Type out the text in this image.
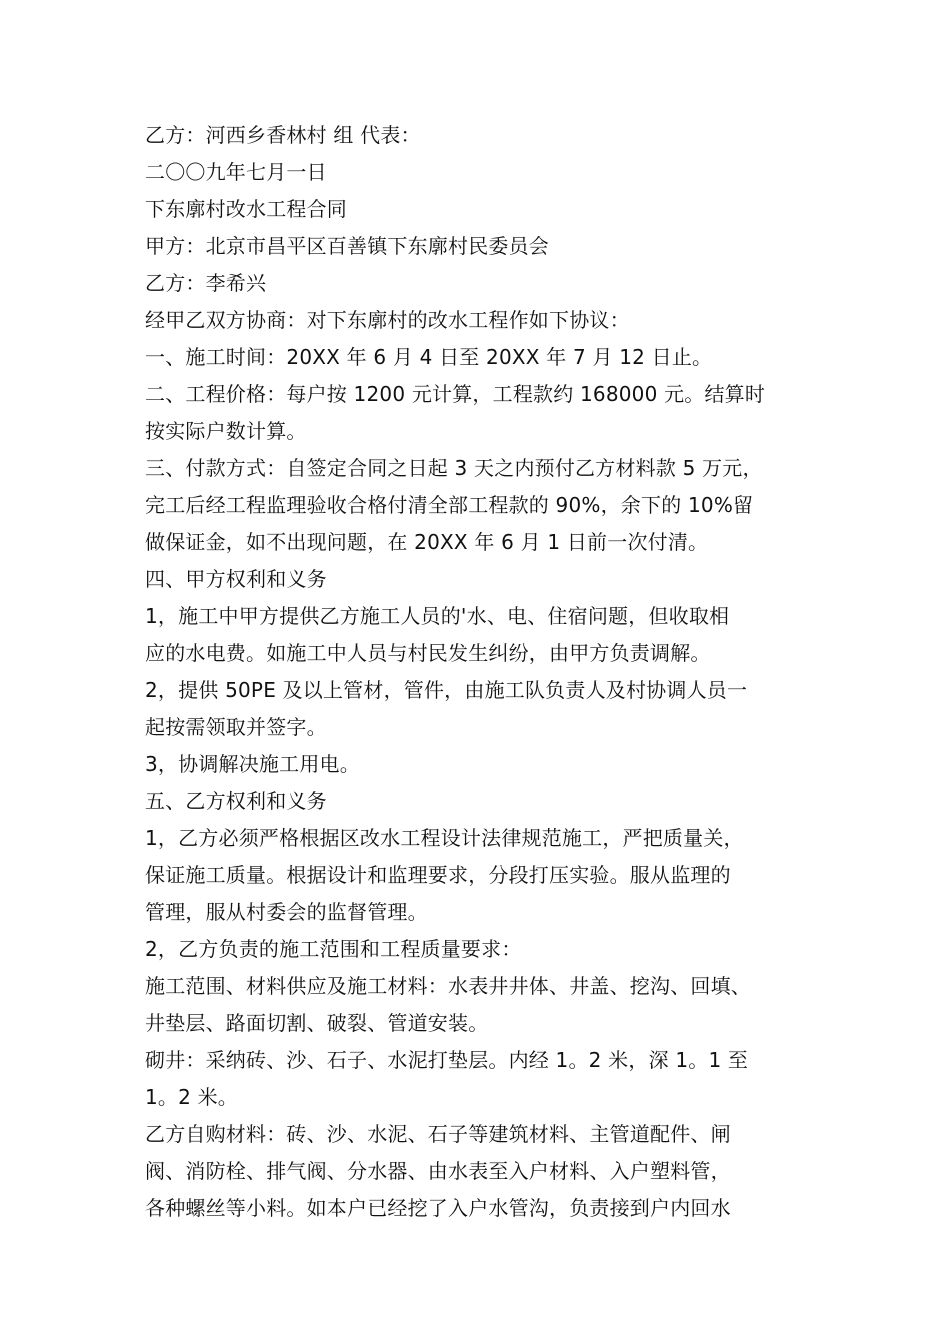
乙方：河西乡香林村 组 代表：
二〇〇九年七月一日
下东廓村改水工程合同
甲方：北京市昌平区百善镇下东廓村民委员会
乙方：李希兴
经甲乙双方协商：对下东廓村的改水工程作如下协议：
一、施工时间：20XX 年 6 月 4 日至 20XX 年 7 月 12 日止。
二、工程价格：每户按 1200 元计算，工程款约 168000 元。结算时
按实际户数计算。
三、付款方式：自签定合同之日起 3 天之内预付乙方材料款 5 万元，
完工后经工程监理验收合格付清全部工程款的 90%，余下的 10%留
做保证金，如不出现问题，在 20XX 年 6 月 1 日前一次付清。
四、甲方权利和义务
1，施工中甲方提供乙方施工人员的'水、电、住宿问题，但收取相
应的水电费。如施工中人员与村民发生纠纷，由甲方负责调解。
2，提供 50PE 及以上管材，管件，由施工队负责人及村协调人员一
起按需领取并签字。
3，协调解决施工用电。
五、乙方权利和义务
1，乙方必须严格根据区改水工程设计法律规范施工，严把质量关，
保证施工质量。根据设计和监理要求，分段打压实验。服从监理的
管理，服从村委会的监督管理。
2，乙方负责的施工范围和工程质量要求：
施工范围、材料供应及施工材料：水表井井体、井盖、挖沟、回填、
井垫层、路面切割、破裂、管道安装。
砌井：采纳砖、沙、石子、水泥打垫层。内经 1。2 米，深 1。1 至
1。2 米。
乙方自购材料：砖、沙、水泥、石子等建筑材料、主管道配件、闸
阀、消防栓、排气阀、分水器、由水表至入户材料、入户塑料管，
各种螺丝等小料。如本户已经挖了入户水管沟，负责接到户内回水
